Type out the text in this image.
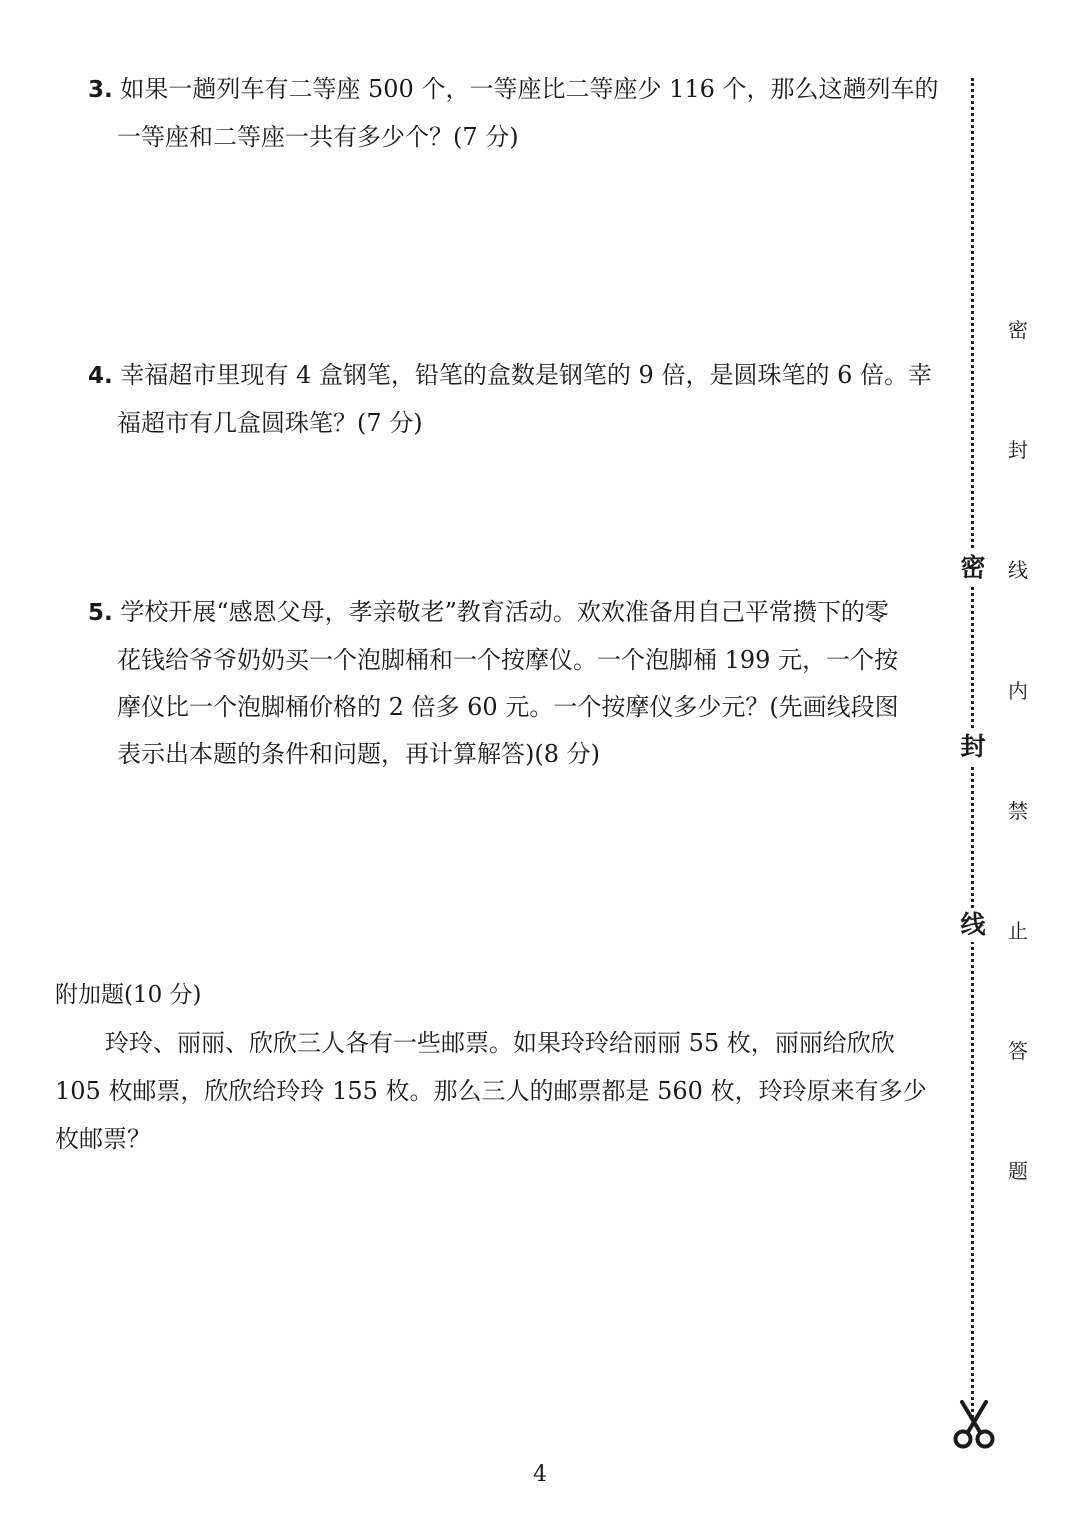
3. 如果一趟列车有二等座 500 个，一等座比二等座少 116 个，那么这趟列车的
一等座和二等座一共有多少个？(7 分)
4. 幸福超市里现有 4 盒钢笔，铅笔的盒数是钢笔的 9 倍，是圆珠笔的 6 倍。幸
福超市有几盒圆珠笔？(7 分)
5. 学校开展“感恩父母，孝亲敬老”教育活动。欢欢准备用自己平常攒下的零
花钱给爷爷奶奶买一个泡脚桶和一个按摩仪。一个泡脚桶 199 元，一个按
摩仪比一个泡脚桶价格的 2 倍多 60 元。一个按摩仪多少元？(先画线段图
表示出本题的条件和问题，再计算解答)(8 分)
附加题(10 分)
玲玲、丽丽、欣欣三人各有一些邮票。如果玲玲给丽丽 55 枚，丽丽给欣欣
105 枚邮票，欣欣给玲玲 155 枚。那么三人的邮票都是 560 枚，玲玲原来有多少
枚邮票？
密
封
线
密
封
线
内
禁
止
答
题
4
